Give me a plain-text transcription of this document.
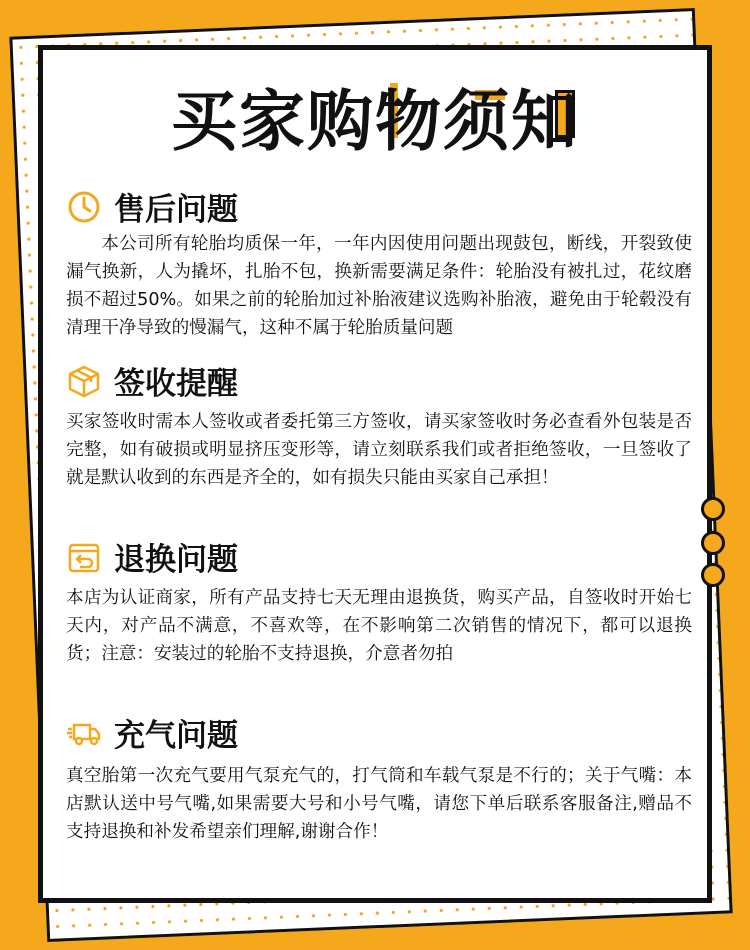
买家购物须知
售后问题
本公司所有轮胎均质保一年，一年内因使用问题出现鼓包，断线，开裂致使漏气换新，人为撬坏，扎胎不包，换新需要满足条件：轮胎没有被扎过，花纹磨损不超过50%。如果之前的轮胎加过补胎液建议选购补胎液，避免由于轮毂没有清理干净导致的慢漏气，这种不属于轮胎质量问题
签收提醒
买家签收时需本人签收或者委托第三方签收，请买家签收时务必查看外包装是否完整，如有破损或明显挤压变形等，请立刻联系我们或者拒绝签收，一旦签收了就是默认收到的东西是齐全的，如有损失只能由买家自己承担！
退换问题
本店为认证商家，所有产品支持七天无理由退换货，购买产品，自签收时开始七天内，对产品不满意，不喜欢等，在不影响第二次销售的情况下，都可以退换货；注意：安装过的轮胎不支持退换，介意者勿拍
充气问题
真空胎第一次充气要用气泵充气的，打气筒和车载气泵是不行的；关于气嘴：本店默认送中号气嘴,如果需要大号和小号气嘴，请您下单后联系客服备注,赠品不支持退换和补发希望亲们理解,谢谢合作！
